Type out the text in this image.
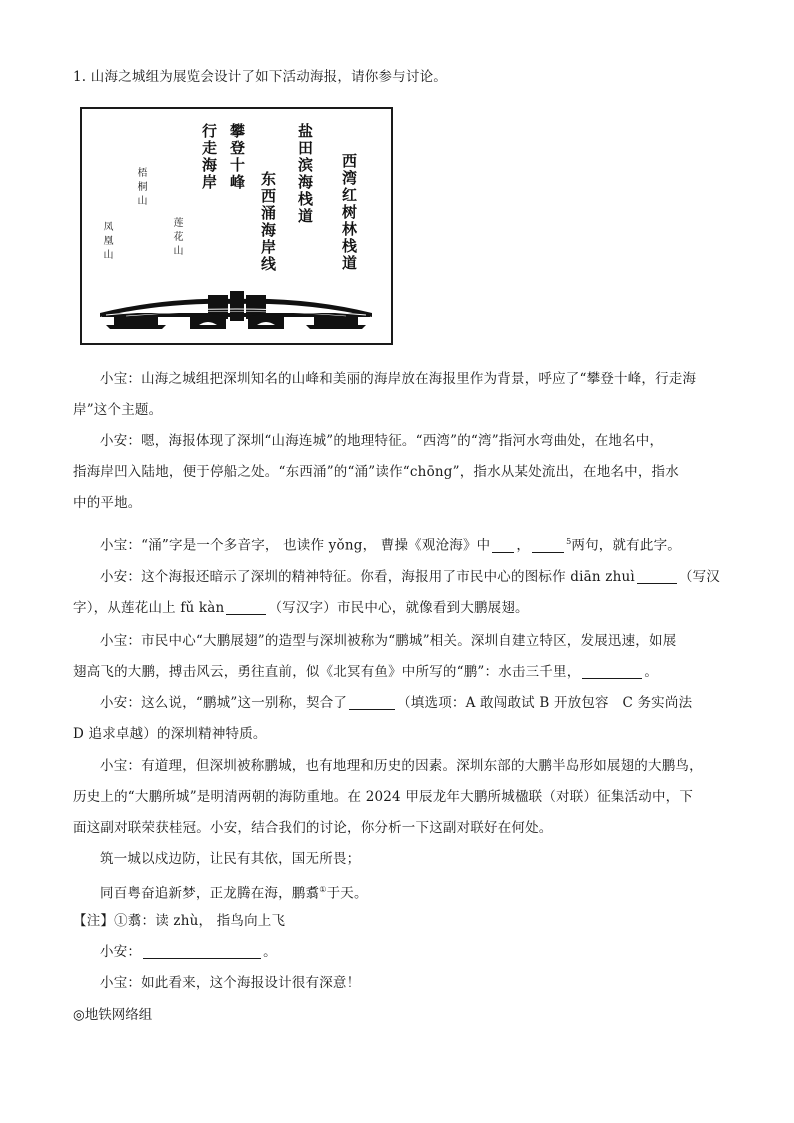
1. 山海之城组为展览会设计了如下活动海报，请你参与讨论。
行走海岸 攀登十峰	盐田滨海栈道
东西涌海岸线	西湾红树林栈道
梧桐山
凤凰山	莲花山
小宝：山海之城组把深圳知名的山峰和美丽的海岸放在海报里作为背景，呼应了“攀登十峰，行走海
岸”这个主题。
小安：嗯，海报体现了深圳“山海连城”的地理特征。“西湾”的“湾”指河水弯曲处，在地名中，
指海岸凹入陆地，便于停船之处。“东西涌”的“涌”读作“chōng”，指水从某处流出，在地名中，指水
中的平地。
小宝：“涌”字是一个多音字， 也读作 yǒng， 曹操《观沧海》中 ，	$^5$两句，就有此字。
小安：这个海报还暗示了深圳的精神特征。你看，海报用了市民中心的图标作 diān zhuì	（写汉
字），从莲花山上 fǔ kàn	（写汉字）市民中心，就像看到大鹏展翅。
小宝：市民中心“大鹏展翅”的造型与深圳被称为“鹏城”相关。深圳自建立特区，发展迅速，如展
翅高飞的大鹏，搏击风云，勇往直前，似《北冥有鱼》中所写的“鹏”：水击三千里，	。
小安：这么说，“鹏城”这一别称，契合了	（填选项：A 敢闯敢试 B 开放包容　C 务实尚法
D 追求卓越）的深圳精神特质。
小宝：有道理，但深圳被称鹏城，也有地理和历史的因素。深圳东部的大鹏半岛形如展翅的大鹏鸟，
历史上的“大鹏所城”是明清两朝的海防重地。在 2024 甲辰龙年大鹏所城楹联（对联）征集活动中，下
面这副对联荣获桂冠。小安，结合我们的讨论，你分析一下这副对联好在何处。
筑一城以戍边防，让民有其依，国无所畏；
同百粤奋追新梦，正龙腾在海，鹏翥①于天。
【注】①翥：读 zhù， 指鸟向上飞
小安：	。
小宝：如此看来，这个海报设计很有深意！
◎地铁网络组
